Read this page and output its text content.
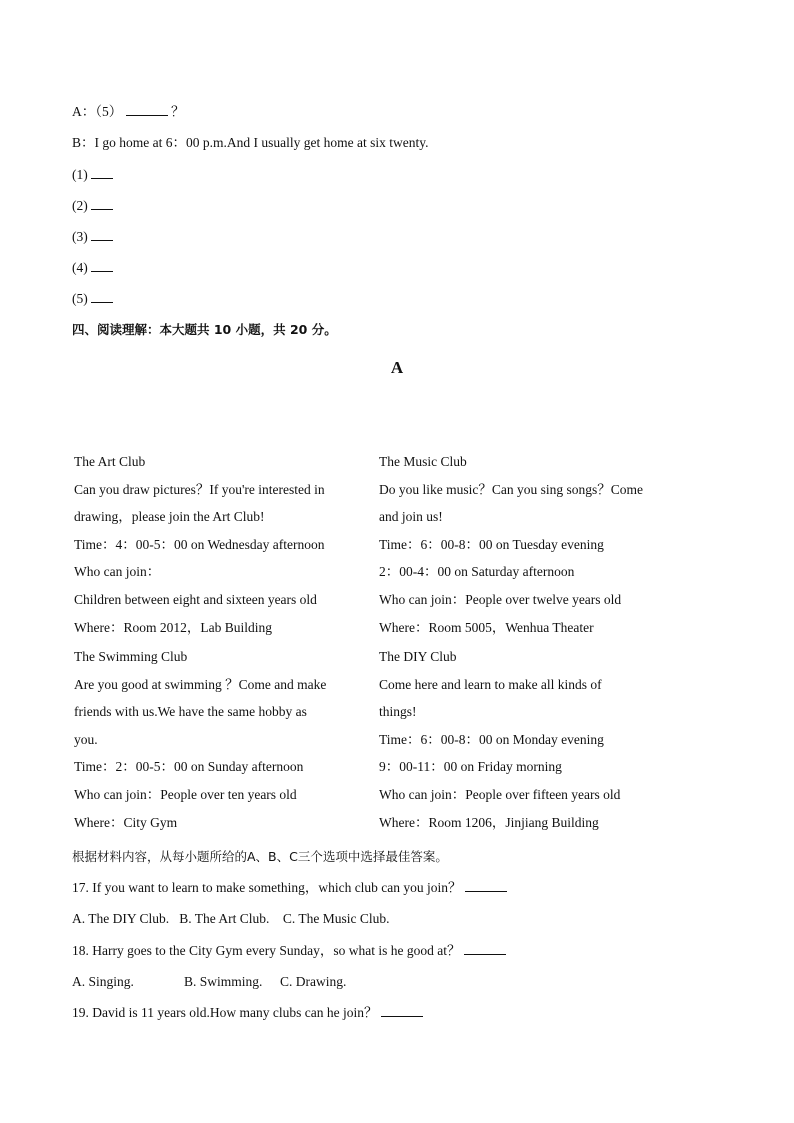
A：（5）	？
B：I go home at 6：00 p.m.And I usually get home at six twenty.
(1)
(2)
(3)
(4)
(5)
四、阅读理解：本大题共 10 小题，共 20 分。
A
The Art Club
Can you draw pictures？If you're interested in
drawing，please join the Art Club!
Time：4：00-5：00 on Wednesday afternoon
Who can join：
Children between eight and sixteen years old
Where：Room 2012，Lab Building
The Music Club
Do you like music？Can you sing songs？Come
and join us!
Time：6：00-8：00 on Tuesday evening
2：00-4：00 on Saturday afternoon
Who can join：People over twelve years old
Where：Room 5005，Wenhua Theater
The Swimming Club
Are you good at swimming ？Come and make
friends with us.We have the same hobby as
you.
Time：2：00-5：00 on Sunday afternoon
Who can join：People over ten years old
Where：City Gym
The DIY Club
Come here and learn to make all kinds of
things!
Time：6：00-8：00 on Monday evening
9：00-11：00 on Friday morning
Who can join：People over fifteen years old
Where：Room 1206，Jinjiang Building
根据材料内容，从每小题所给的A、B、C三个选项中选择最佳答案。
17. If you want to learn to make something，which club can you join？
A. The DIY Club.   B. The Art Club.    C. The Music Club.
18. Harry goes to the City Gym every Sunday，so what is he good at？
A. Singing.	B. Swimming. C. Drawing.
19. David is 11 years old.How many clubs can he join？
